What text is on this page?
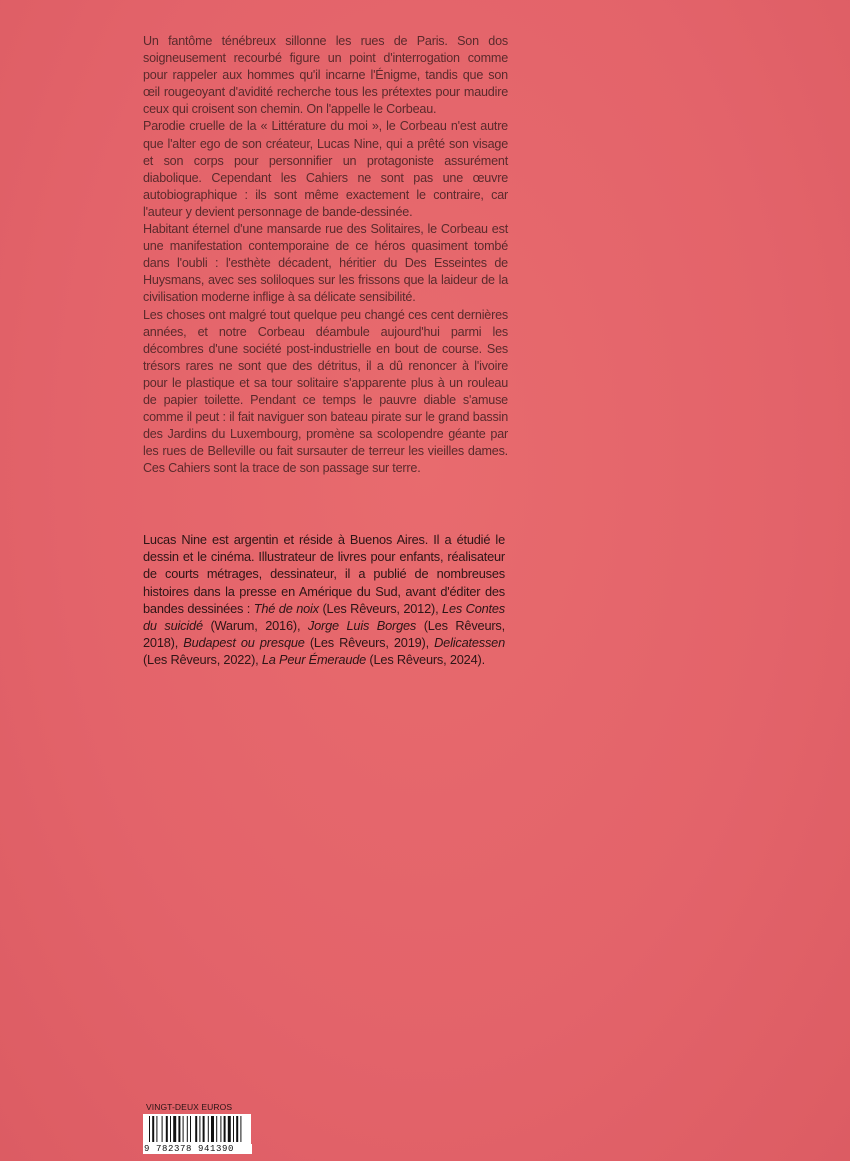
Un fantôme ténébreux sillonne les rues de Paris. Son dos soigneusement recourbé figure un point d'interrogation comme pour rappeler aux hommes qu'il incarne l'Énigme, tandis que son œil rougeoyant d'avidité recherche tous les prétextes pour maudire ceux qui croisent son chemin. On l'appelle le Corbeau.

Parodie cruelle de la « Littérature du moi », le Corbeau n'est autre que l'alter ego de son créateur, Lucas Nine, qui a prêté son visage et son corps pour personnifier un protagoniste assurément diabolique. Cependant les Cahiers ne sont pas une œuvre autobiographique : ils sont même exactement le contraire, car l'auteur y devient personnage de bande-dessinée.

Habitant éternel d'une mansarde rue des Solitaires, le Corbeau est une manifestation contemporaine de ce héros quasiment tombé dans l'oubli : l'esthète décadent, héritier du Des Esseintes de Huysmans, avec ses soliloques sur les frissons que la laideur de la civilisation moderne inflige à sa délicate sensibilité.

Les choses ont malgré tout quelque peu changé ces cent dernières années, et notre Corbeau déambule aujourd'hui parmi les décombres d'une société post-industrielle en bout de course. Ses trésors rares ne sont que des détritus, il a dû renoncer à l'ivoire pour le plastique et sa tour solitaire s'apparente plus à un rouleau de papier toilette. Pendant ce temps le pauvre diable s'amuse comme il peut : il fait naviguer son bateau pirate sur le grand bassin des Jardins du Luxembourg, promène sa scolopendre géante par les rues de Belleville ou fait sursauter de terreur les vieilles dames. Ces Cahiers sont la trace de son passage sur terre.

Lucas Nine est argentin et réside à Buenos Aires. Il a étudié le dessin et le cinéma. Illustrateur de livres pour enfants, réalisateur de courts métrages, dessinateur, il a publié de nombreuses histoires dans la presse en Amérique du Sud, avant d'éditer des bandes dessinées : Thé de noix (Les Rêveurs, 2012), Les Contes du suicidé (Warum, 2016), Jorge Luis Borges (Les Rêveurs, 2018), Budapest ou presque (Les Rêveurs, 2019), Delicatessen (Les Rêveurs, 2022), La Peur Émeraude (Les Rêveurs, 2024).
VINGT-DEUX EUROS
9 782378 941390
